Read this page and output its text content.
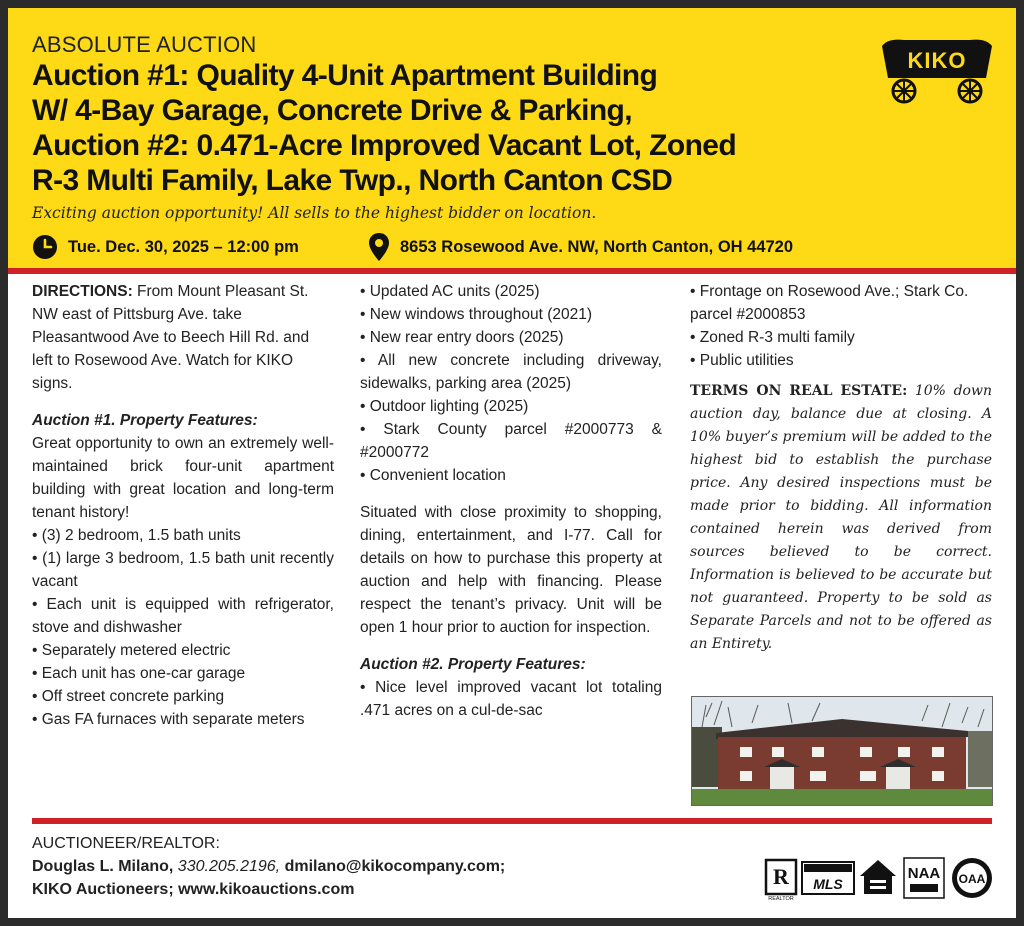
ABSOLUTE AUCTION
Auction #1: Quality 4-Unit Apartment Building
W/ 4-Bay Garage, Concrete Drive & Parking,
Auction #2: 0.471-Acre Improved Vacant Lot, Zoned
R-3 Multi Family, Lake Twp., North Canton CSD
Exciting auction opportunity! All sells to the highest bidder on location.
Tue. Dec. 30, 2025 – 12:00 pm	8653 Rosewood Ave. NW, North Canton, OH 44720
KIKO

DIRECTIONS: From Mount Pleasant St. NW east of Pittsburg Ave. take Pleasantwood Ave to Beech Hill Rd. and left to Rosewood Ave. Watch for KIKO signs.

Auction #1. Property Features:

Great opportunity to own an extremely well-maintained brick four-unit apartment building with great location and long-term tenant history!

• (3) 2 bedroom, 1.5 bath units

• (1) large 3 bedroom, 1.5 bath unit recently vacant

• Each unit is equipped with refrigerator, stove and dishwasher

• Separately metered electric

• Each unit has one-car garage

• Off street concrete parking

• Gas FA furnaces with separate meters

• Updated AC units (2025)

• New windows throughout (2021)

• New rear entry doors (2025)

• All new concrete including driveway, sidewalks, parking area (2025)

• Outdoor lighting (2025)

• Stark County parcel #2000773 & #2000772

• Convenient location

Situated with close proximity to shopping, dining, entertainment, and I-77. Call for details on how to purchase this property at auction and help with financing. Please respect the tenant’s privacy. Unit will be open 1 hour prior to auction for inspection.

Auction #2. Property Features:

• Nice level improved vacant lot totaling .471 acres on a cul-de-sac

• Frontage on Rosewood Ave.; Stark Co. parcel #2000853

• Zoned R-3 multi family

• Public utilities

TERMS ON REAL ESTATE: 10% down auction day, balance due at closing. A 10% buyer’s premium will be added to the highest bid to establish the purchase price. Any desired inspections must be made prior to bidding. All information contained herein was derived from sources believed to be correct. Information is believed to be accurate but not guaranteed. Property to be sold as Separate Parcels and not to be offered as an Entirety.

AUCTIONEER/REALTOR:
Douglas L. Milano, 330.205.2196, dmilano@kikocompany.com;
KIKO Auctioneers; www.kikoauctions.com
R
REALTOR
MLS
NAA OAA
